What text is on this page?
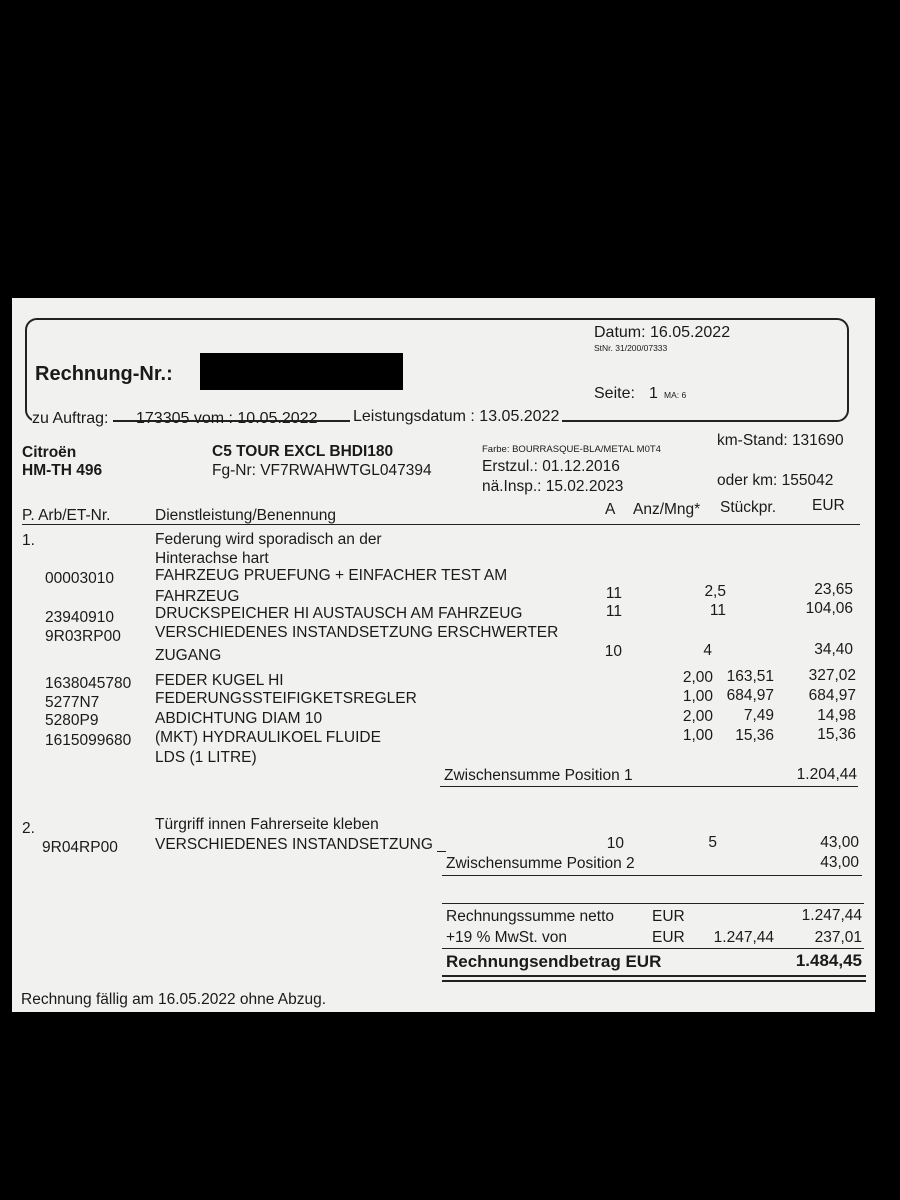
Rechnung-Nr.:
Datum: 16.05.2022
StNr. 31/200/07333
Seite: 1 MA: 6
zu Auftrag: 173305 vom : 10.05.2022 Leistungsdatum : 13.05.2022
Citroën
HM-TH 496
C5 TOUR EXCL BHDI180
Fg-Nr: VF7RWAHWTGL047394
Farbe: BOURRASQUE-BLA/METAL M0T4
Erstzul.: 01.12.2016
nä.Insp.: 15.02.2023
km-Stand: 131690
oder km: 155042
P. Arb/ET-Nr.	Dienstleistung/Benennung	A Anz/Mng* Stückpr. EUR
1.	Federung wird sporadisch an der
Hinterachse hart
00003010	FAHRZEUG PRUEFUNG + EINFACHER TEST AM
FAHRZEUG	11	2,5	23,65
23940910	DRUCKSPEICHER HI AUSTAUSCH AM FAHRZEUG	11	11	104,06
9R03RP00 VERSCHIEDENES INSTANDSETZUNG ERSCHWERTER
ZUGANG	10	4	34,40
1638045780 FEDER KUGEL HI	2,00 163,51	327,02
5277N7	FEDERUNGSSTEIFIGKETSREGLER	1,00 684,97	684,97
5280P9	ABDICHTUNG DIAM 10	2,00	7,49	14,98
1615099680 (MKT) HYDRAULIKOEL FLUIDE
LDS (1 LITRE)
1,00	15,36	15,36
Zwischensumme Position 1	1.204,44
2.	Türgriff innen Fahrerseite kleben
9R04RP00 VERSCHIEDENES INSTANDSETZUNG _	10	5	43,00
Zwischensumme Position 2	43,00
Rechnungssumme netto EUR	1.247,44
+19 % MwSt. von	EUR	1.247,44	237,01
Rechnungsendbetrag EUR	1.484,45
Rechnung fällig am 16.05.2022 ohne Abzug.
